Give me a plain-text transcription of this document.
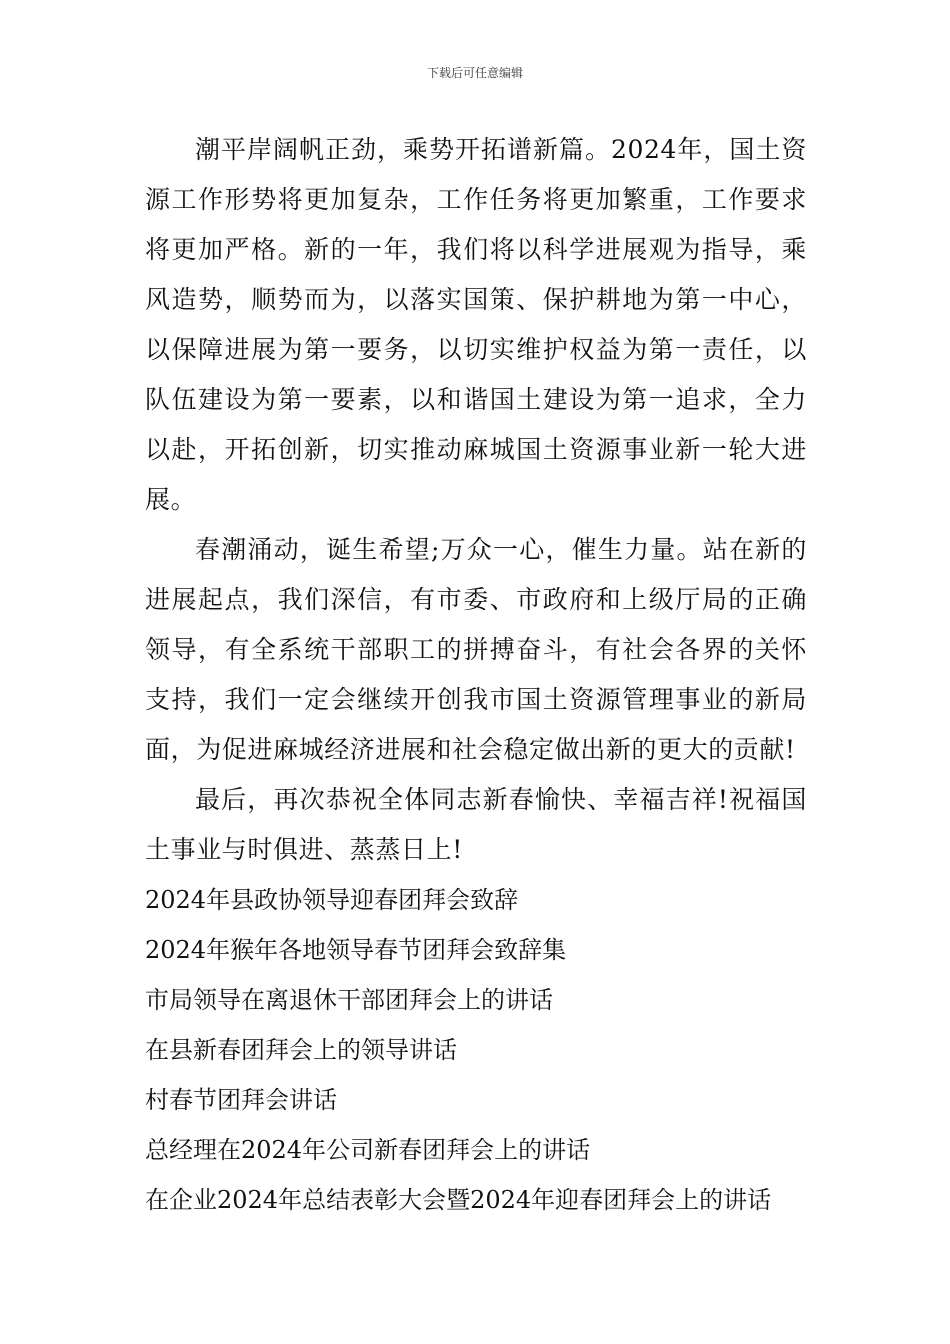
下载后可任意编辑

潮平岸阔帆正劲，乘势开拓谱新篇。2024年，国土资源工作形势将更加复杂，工作任务将更加繁重，工作要求将更加严格。新的一年，我们将以科学进展观为指导，乘风造势，顺势而为，以落实国策、保护耕地为第一中心，以保障进展为第一要务，以切实维护权益为第一责任，以队伍建设为第一要素，以和谐国土建设为第一追求，全力以赴，开拓创新，切实推动麻城国土资源事业新一轮大进展。

春潮涌动，诞生希望;万众一心，催生力量。站在新的进展起点，我们深信，有市委、市政府和上级厅局的正确领导，有全系统干部职工的拼搏奋斗，有社会各界的关怀支持，我们一定会继续开创我市国土资源管理事业的新局面，为促进麻城经济进展和社会稳定做出新的更大的贡献!

最后，再次恭祝全体同志新春愉快、幸福吉祥!祝福国土事业与时俱进、蒸蒸日上!

2024年县政协领导迎春团拜会致辞
2024年猴年各地领导春节团拜会致辞集
市局领导在离退休干部团拜会上的讲话
在县新春团拜会上的领导讲话
村春节团拜会讲话
总经理在2024年公司新春团拜会上的讲话
在企业2024年总结表彰大会暨2024年迎春团拜会上的讲话
